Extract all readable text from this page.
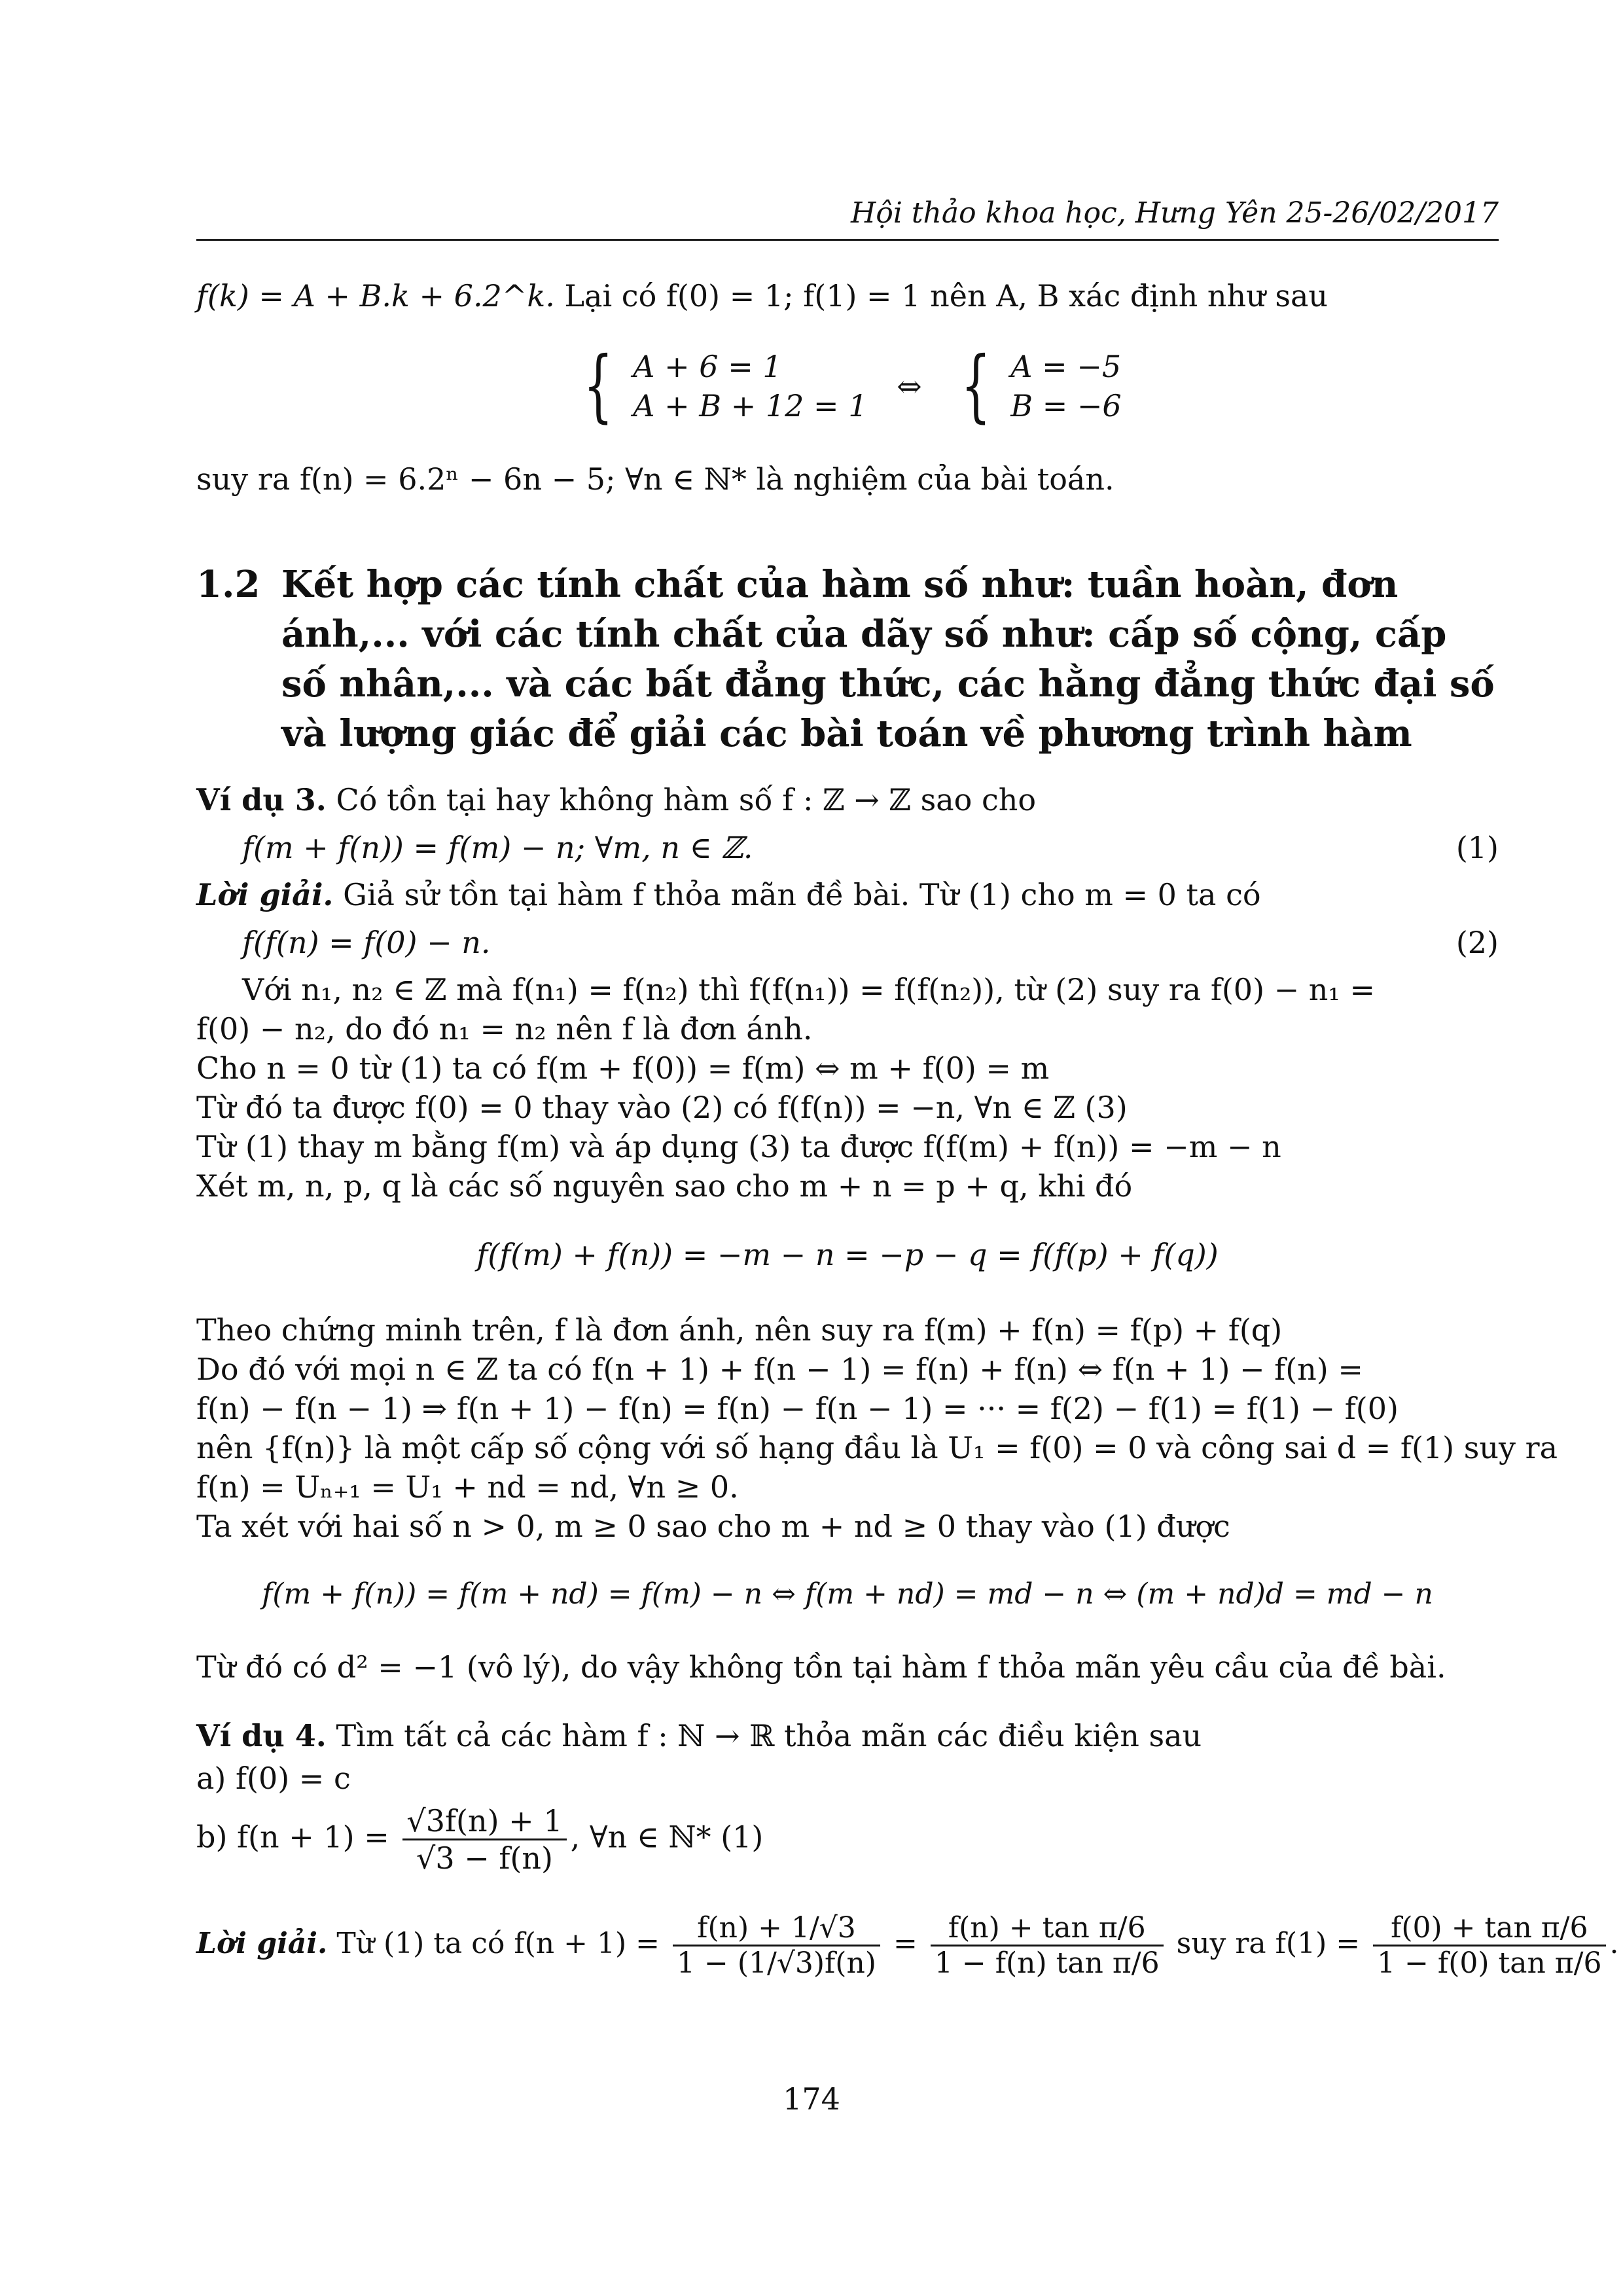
Hội thảo khoa học, Hưng Yên 25-26/02/2017
f(k) = A + B.k + 6.2^k. Lại có f(0) = 1; f(1) = 1 nên A, B xác định như sau
{ A + 6 = 1
A + B + 12 = 1
⇔ { A = −5
B = −6
suy ra f(n) = 6.2ⁿ − 6n − 5; ∀n ∈ ℕ* là nghiệm của bài toán.
1.2 Kết hợp các tính chất của hàm số như: tuần hoàn, đơn ánh,... với các tính chất của dãy số như: cấp số cộng, cấp số nhân,... và các bất đẳng thức, các hằng đẳng thức đại số và lượng giác để giải các bài toán về phương trình hàm
Ví dụ 3. Có tồn tại hay không hàm số f : ℤ → ℤ sao cho
f(m + f(n)) = f(m) − n; ∀m, n ∈ ℤ.	(1)
Lời giải. Giả sử tồn tại hàm f thỏa mãn đề bài. Từ (1) cho m = 0 ta có
f(f(n) = f(0) − n.	(2)
Với n₁, n₂ ∈ ℤ mà f(n₁) = f(n₂) thì f(f(n₁)) = f(f(n₂)), từ (2) suy ra f(0) − n₁ =
f(0) − n₂, do đó n₁ = n₂ nên f là đơn ánh.
Cho n = 0 từ (1) ta có f(m + f(0)) = f(m) ⇔ m + f(0) = m
Từ đó ta được f(0) = 0 thay vào (2) có f(f(n)) = −n, ∀n ∈ ℤ (3)
Từ (1) thay m bằng f(m) và áp dụng (3) ta được f(f(m) + f(n)) = −m − n
Xét m, n, p, q là các số nguyên sao cho m + n = p + q, khi đó
f(f(m) + f(n)) = −m − n = −p − q = f(f(p) + f(q))
Theo chứng minh trên, f là đơn ánh, nên suy ra f(m) + f(n) = f(p) + f(q)
Do đó với mọi n ∈ ℤ ta có f(n + 1) + f(n − 1) = f(n) + f(n) ⇔ f(n + 1) − f(n) =
f(n) − f(n − 1) ⇒ f(n + 1) − f(n) = f(n) − f(n − 1) = ··· = f(2) − f(1) = f(1) − f(0)
nên {f(n)} là một cấp số cộng với số hạng đầu là U₁ = f(0) = 0 và công sai d = f(1) suy ra
f(n) = Uₙ₊₁ = U₁ + nd = nd, ∀n ≥ 0.
Ta xét với hai số n > 0, m ≥ 0 sao cho m + nd ≥ 0 thay vào (1) được
f(m + f(n)) = f(m + nd) = f(m) − n ⇔ f(m + nd) = md − n ⇔ (m + nd)d = md − n
Từ đó có d² = −1 (vô lý), do vậy không tồn tại hàm f thỏa mãn yêu cầu của đề bài.
Ví dụ 4. Tìm tất cả các hàm f : ℕ → ℝ thỏa mãn các điều kiện sau
a) f(0) = c
b) $f(n + 1) = \frac{√3f(n) + 1}{√3 - f(n)}$ , ∀n ∈ ℕ* (1)
Lời giải. Từ (1) ta có $f(n + 1) = \frac{f(n) + 1/√3}{1 - (1/√3)f(n)} = \frac{\text{f(n) + tan π/6}}{\text{1 − f(n) tan π/6}}$ suy ra $f(1) = \frac{\text{f(0) + tan π/6}}{\text{1 − f(0) tan π/6}}$ .
174
